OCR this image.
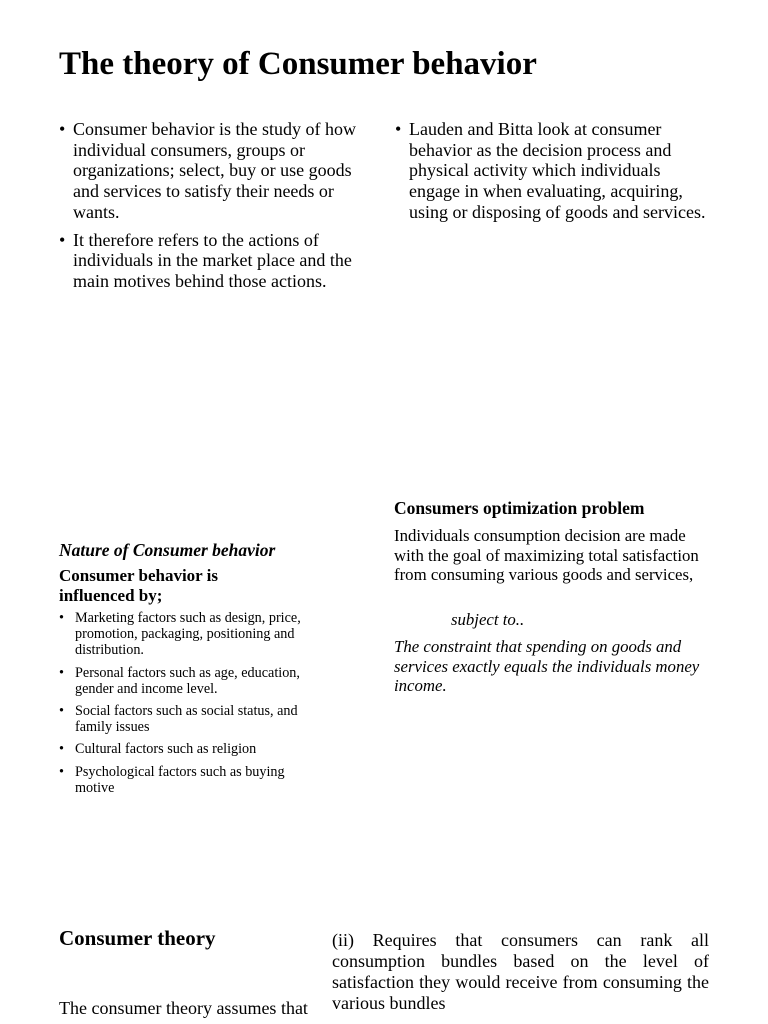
The theory of Consumer behavior
• Consumer behavior is the study of how individual consumers, groups or organizations; select, buy or use goods and services to satisfy their needs or wants.
• It therefore refers to the actions of individuals in the market place and the main motives behind those actions.
• Lauden and Bitta look at consumer behavior as the decision process and physical activity which individuals engage in when evaluating, acquiring, using or disposing of goods and services.
Nature of Consumer behavior
Consumer behavior is influenced by;
• Marketing factors such as design, price, promotion, packaging, positioning and distribution.
• Personal factors such as age, education, gender and income level.
• Social factors such as social status, and family issues
• Cultural factors such as religion
• Psychological factors such as buying motive
Consumers optimization problem
Individuals consumption decision are made with the goal of maximizing total satisfaction from consuming various goods and services,
subject to..
The constraint that spending on goods and services exactly equals the individuals money income.
Consumer theory
The consumer theory assumes that
(ii) Requires that consumers can rank all consumption bundles based on the level of satisfaction they would receive from consuming the various bundles
